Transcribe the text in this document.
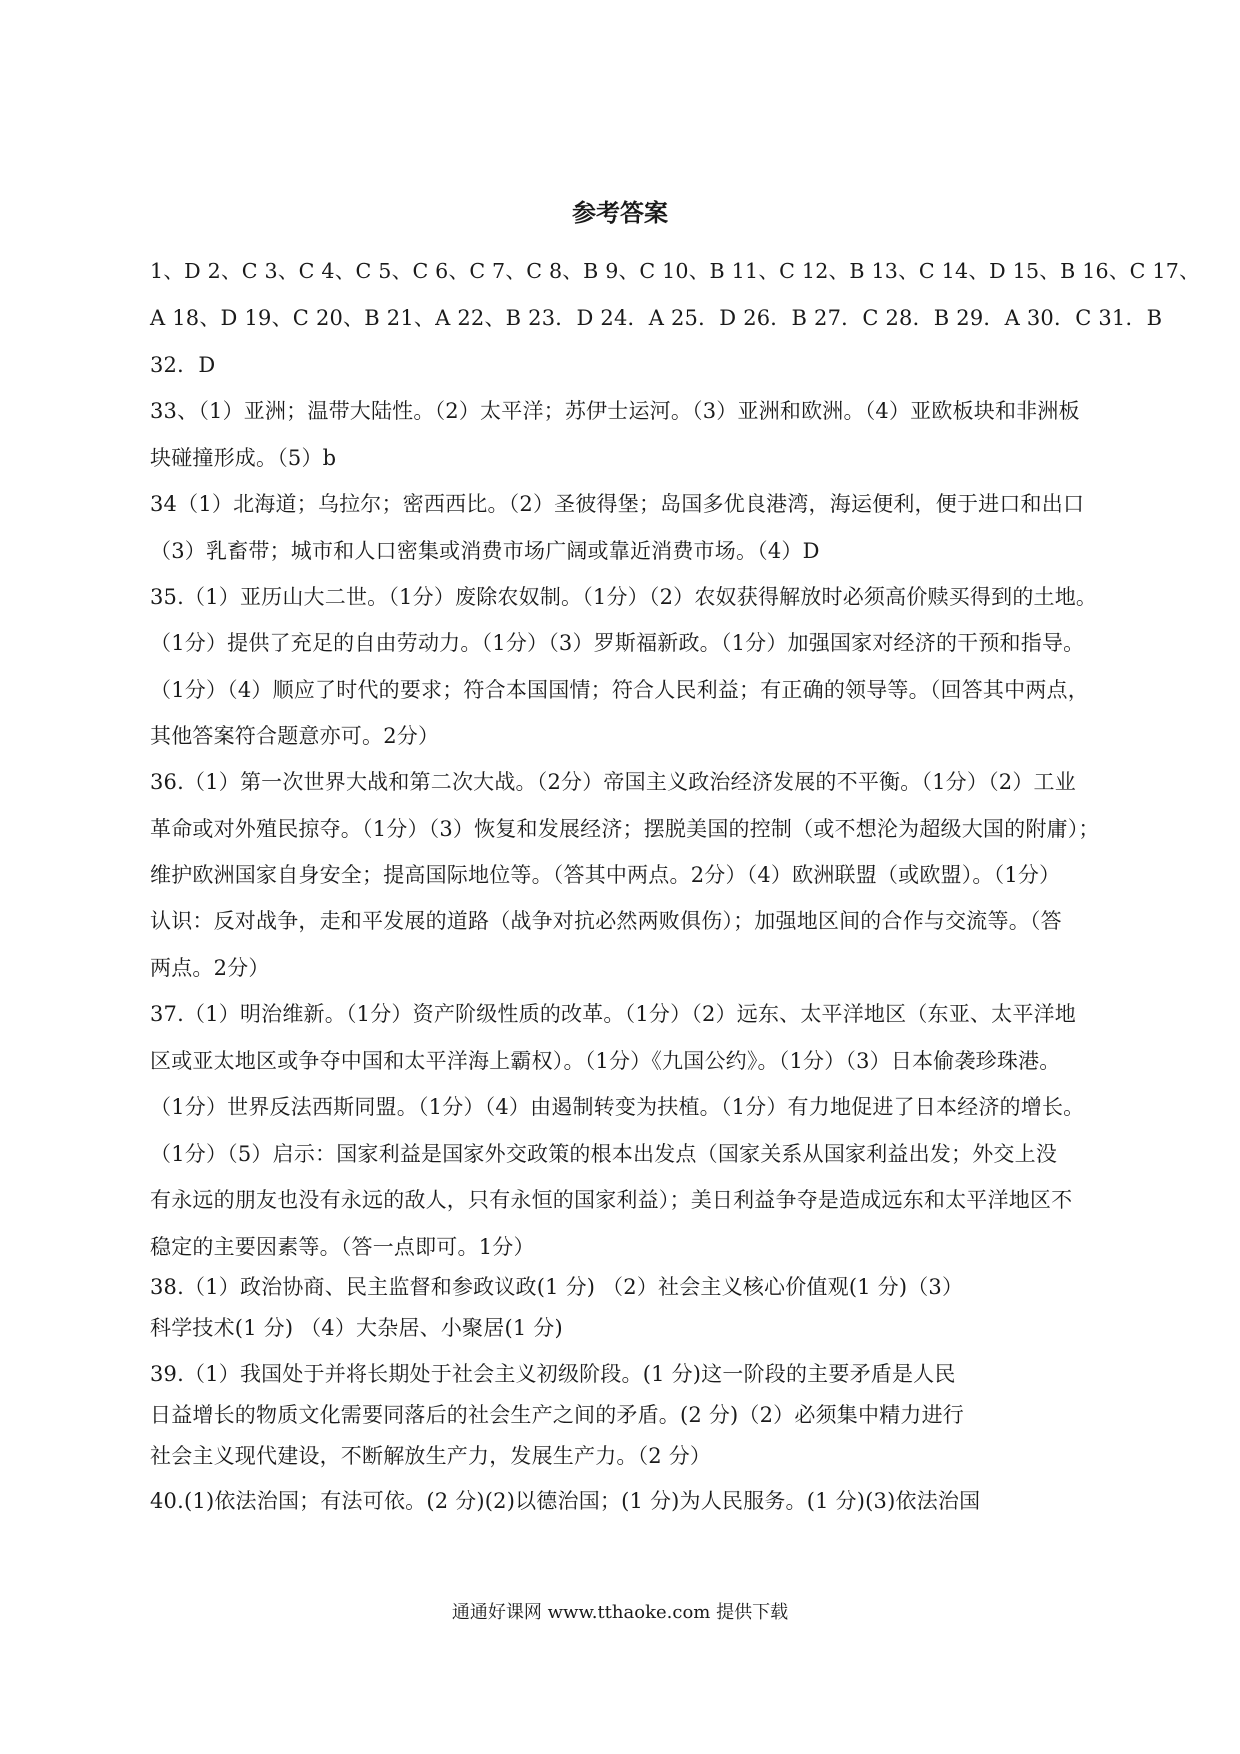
参考答案
1、D 2、C 3、C 4、C 5、C 6、C 7、C 8、B 9、C 10、B 11、C 12、B 13、C 14、D 15、B 16、C 17、
A 18、D 19、C 20、B 21、A 22、B 23．D 24．A 25．D 26．B 27．C 28．B 29．A 30．C 31．B
32．D
33、（1）亚洲；温带大陆性。（2）太平洋；苏伊士运河。（3）亚洲和欧洲。（4）亚欧板块和非洲板
块碰撞形成。（5）b
34（1）北海道；乌拉尔；密西西比。（2）圣彼得堡；岛国多优良港湾，海运便利，便于进口和出口
（3）乳畜带；城市和人口密集或消费市场广阔或靠近消费市场。（4）D
35.（1）亚历山大二世。（1分）废除农奴制。（1分）（2）农奴获得解放时必须高价赎买得到的土地。
（1分）提供了充足的自由劳动力。（1分）（3）罗斯福新政。（1分）加强国家对经济的干预和指导。
（1分）（4）顺应了时代的要求；符合本国国情；符合人民利益；有正确的领导等。（回答其中两点，
其他答案符合题意亦可。2分）
36.（1）第一次世界大战和第二次大战。（2分）帝国主义政治经济发展的不平衡。（1分）（2）工业
革命或对外殖民掠夺。（1分）（3）恢复和发展经济；摆脱美国的控制（或不想沦为超级大国的附庸）；
维护欧洲国家自身安全；提高国际地位等。（答其中两点。2分）（4）欧洲联盟（或欧盟）。（1分）
认识：反对战争，走和平发展的道路（战争对抗必然两败俱伤）；加强地区间的合作与交流等。（答
两点。2分）
37.（1）明治维新。（1分）资产阶级性质的改革。（1分）（2）远东、太平洋地区（东亚、太平洋地
区或亚太地区或争夺中国和太平洋海上霸权）。（1分）《九国公约》。（1分）（3）日本偷袭珍珠港。
（1分）世界反法西斯同盟。（1分）（4）由遏制转变为扶植。（1分）有力地促进了日本经济的增长。
（1分）（5）启示：国家利益是国家外交政策的根本出发点（国家关系从国家利益出发；外交上没
有永远的朋友也没有永远的敌人，只有永恒的国家利益）；美日利益争夺是造成远东和太平洋地区不
稳定的主要因素等。（答一点即可。1分）
38.（1）政治协商、民主监督和参政议政(1 分) （2）社会主义核心价值观(1 分)（3）
科学技术(1 分) （4）大杂居、小聚居(1 分)
39.（1）我国处于并将长期处于社会主义初级阶段。(1 分)这一阶段的主要矛盾是人民
日益增长的物质文化需要同落后的社会生产之间的矛盾。(2 分)（2）必须集中精力进行
社会主义现代建设，不断解放生产力，发展生产力。（2 分）
40.(1)依法治国；有法可依。(2 分)(2)以德治国；(1 分)为人民服务。(1 分)(3)依法治国
通通好课网 www.tthaoke.com 提供下载
